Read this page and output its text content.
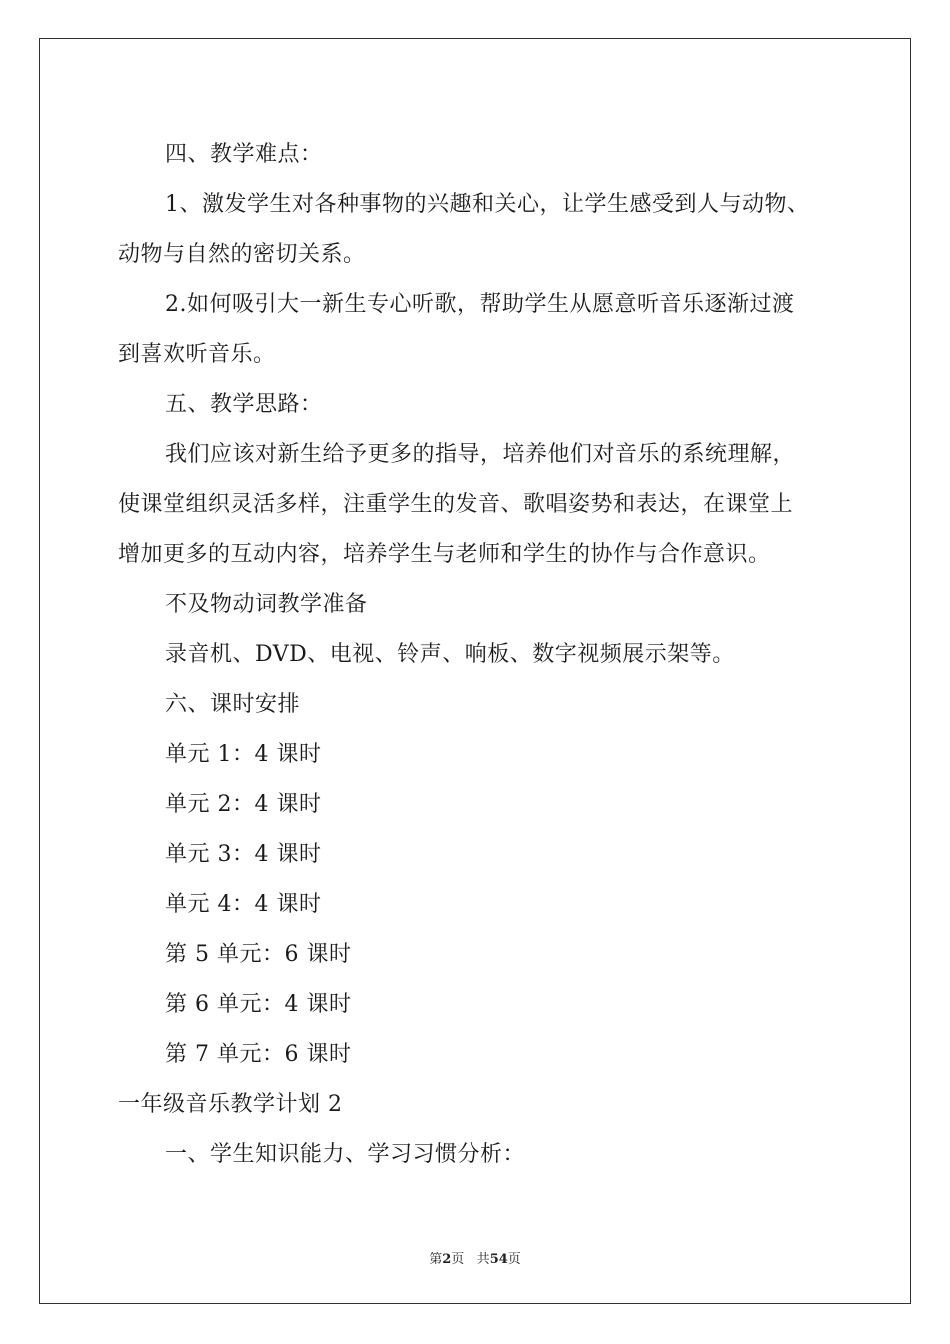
四、教学难点：
1、激发学生对各种事物的兴趣和关心，让学生感受到人与动物、
动物与自然的密切关系。
2.如何吸引大一新生专心听歌，帮助学生从愿意听音乐逐渐过渡
到喜欢听音乐。
五、教学思路：
我们应该对新生给予更多的指导，培养他们对音乐的系统理解，
使课堂组织灵活多样，注重学生的发音、歌唱姿势和表达，在课堂上
增加更多的互动内容，培养学生与老师和学生的协作与合作意识。
不及物动词教学准备
录音机、DVD、电视、铃声、响板、数字视频展示架等。
六、课时安排
单元 1：4 课时
单元 2：4 课时
单元 3：4 课时
单元 4：4 课时
第 5 单元：6 课时
第 6 单元：4 课时
第 7 单元：6 课时
一年级音乐教学计划 2
一、学生知识能力、学习习惯分析：
第2页 共54页
